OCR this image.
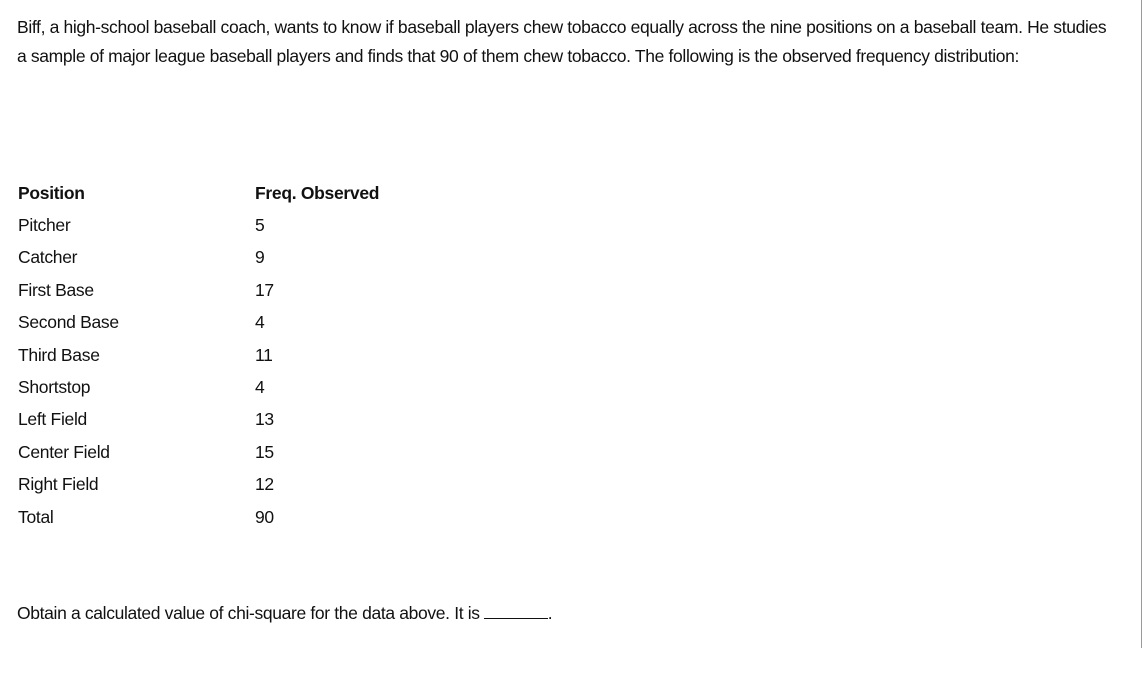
Biff, a high-school baseball coach, wants to know if baseball players chew tobacco equally across the nine positions on a baseball team. He studies a sample of major league baseball players and finds that 90 of them chew tobacco. The following is the observed frequency distribution:

Position	Freq. Observed
Pitcher	5
Catcher	9
First Base	17
Second Base	4
Third Base	11
Shortstop	4
Left Field	13
Center Field	15
Right Field	12
Total	90

Obtain a calculated value of chi-square for the data above. It is	.
